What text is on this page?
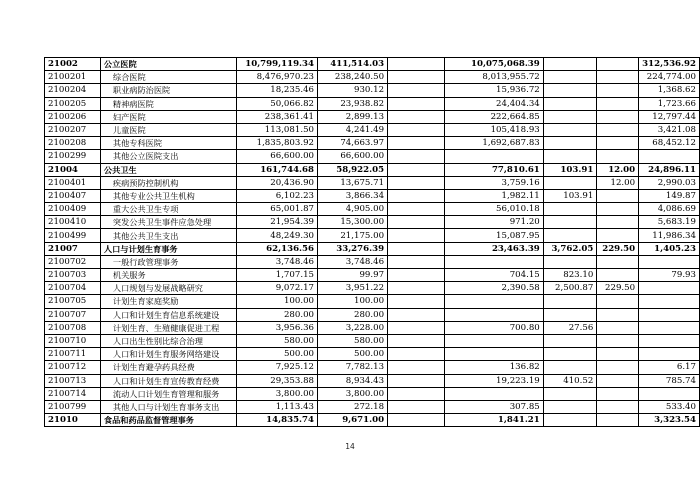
21002	公立医院	10,799,119.34	411,514.03		10,075,068.39			312,536.92
2100201	综合医院	8,476,970.23	238,240.50		8,013,955.72			224,774.00
2100204	职业病防治医院	18,235.46	930.12		15,936.72			1,368.62
2100205	精神病医院	50,066.82	23,938.82		24,404.34			1,723.66
2100206	妇产医院	238,361.41	2,899.13		222,664.85			12,797.44
2100207	儿童医院	113,081.50	4,241.49		105,418.93			3,421.08
2100208	其他专科医院	1,835,803.92	74,663.97		1,692,687.83			68,452.12
2100299	其他公立医院支出	66,600.00	66,600.00					
21004	公共卫生	161,744.68	58,922.05		77,810.61	103.91	12.00	24,896.11
2100401	疾病预防控制机构	20,436.90	13,675.71		3,759.16		12.00	2,990.03
2100407	其他专业公共卫生机构	6,102.23	3,866.34		1,982.11	103.91		149.87
2100409	重大公共卫生专项	65,001.87	4,905.00		56,010.18			4,086.69
2100410	突发公共卫生事件应急处理	21,954.39	15,300.00		971.20			5,683.19
2100499	其他公共卫生支出	48,249.30	21,175.00		15,087.95			11,986.34
21007	人口与计划生育事务	62,136.56	33,276.39		23,463.39	3,762.05	229.50	1,405.23
2100702	一般行政管理事务	3,748.46	3,748.46					
2100703	机关服务	1,707.15	99.97		704.15	823.10		79.93
2100704	人口规划与发展战略研究	9,072.17	3,951.22		2,390.58	2,500.87	229.50	
2100705	计划生育家庭奖励	100.00	100.00					
2100707	人口和计划生育信息系统建设	280.00	280.00					
2100708	计划生育、生殖健康促进工程	3,956.36	3,228.00		700.80	27.56		
2100710	人口出生性别比综合治理	580.00	580.00					
2100711	人口和计划生育服务网络建设	500.00	500.00					
2100712	计划生育避孕药具经费	7,925.12	7,782.13		136.82			6.17
2100713	人口和计划生育宣传教育经费	29,353.88	8,934.43		19,223.19	410.52		785.74
2100714	流动人口计划生育管理和服务	3,800.00	3,800.00					
2100799	其他人口与计划生育事务支出	1,113.43	272.18		307.85			533.40
21010	食品和药品监督管理事务	14,835.74	9,671.00		1,841.21			3,323.54
14
